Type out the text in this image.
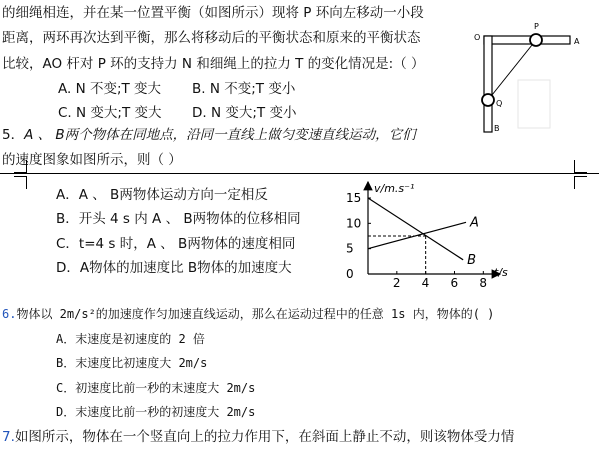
的细绳相连，并在某一位置平衡（如图所示）现将 P 环向左移动一小段
距离，两环再次达到平衡，那么将移动后的平衡状态和原来的平衡状态
比较，AO 杆对 P 环的支持力 N 和细绳上的拉力 T 的变化情况是:（ ）
A. N 不变;T 变大 B. N 不变;T 变小
C. N 变大;T 变大 D. N 变大;T 变小
O
P
A
Q
B
5．A 、 B两个物体在同地点，沿同一直线上做匀变速直线运动，它们
的速度图象如图所示，则（ ）
A．A 、 B两物体运动方向一定相反
B．开头 4 s 内 A 、 B两物体的位移相同
C．t=4 s 时，A 、 B两物体的速度相同
D．A物体的加速度比 B物体的加速度大
2 4 6 8
0
5
10
15
v/m.s⁻¹
t/s
A
B
6.物体以 2m/s²的加速度作匀加速直线运动，那么在运动过程中的任意 1s 内，物体的( )
A．末速度是初速度的 2 倍
B．末速度比初速度大 2m/s
C．初速度比前一秒的末速度大 2m/s
D．末速度比前一秒的初速度大 2m/s
7.如图所示，物体在一个竖直向上的拉力作用下，在斜面上静止不动，则该物体受力情
